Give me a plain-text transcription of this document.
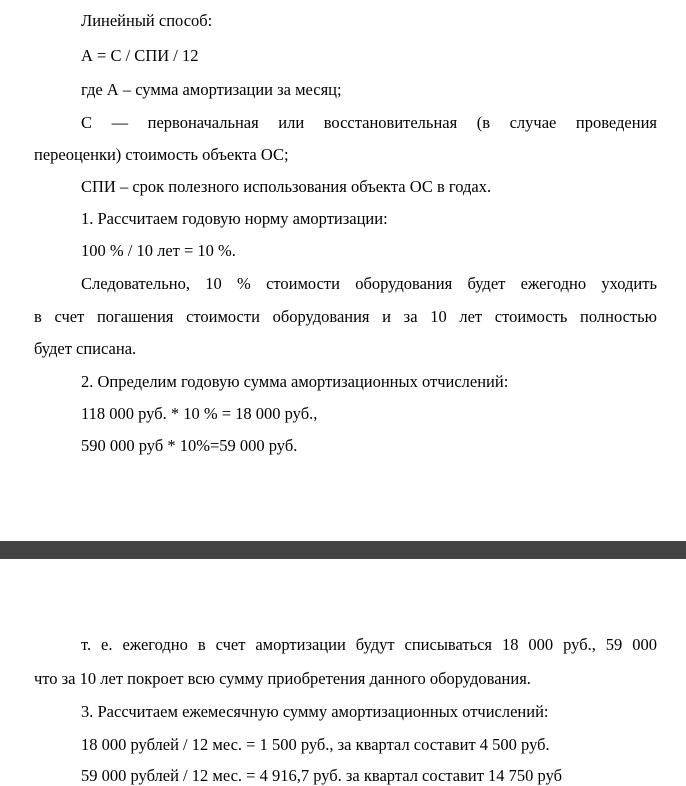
Линейный способ:
А = С / СПИ / 12
где А – сумма амортизации за месяц;
С — первоначальная или восстановительная (в случае проведения
переоценки) стоимость объекта ОС;
СПИ – срок полезного использования объекта ОС в годах.
1. Рассчитаем годовую норму амортизации:
100 % / 10 лет = 10 %.
Следовательно, 10 % стоимости оборудования будет ежегодно уходить
в счет погашения стоимости оборудования и за 10 лет стоимость полностью
будет списана.
2. Определим годовую сумма амортизационных отчислений:
118 000 руб. * 10 % = 18 000 руб.,
590 000 руб * 10%=59 000 руб.
т. е. ежегодно в счет амортизации будут списываться 18 000 руб., 59 000
что за 10 лет покроет всю сумму приобретения данного оборудования.
3. Рассчитаем ежемесячную сумму амортизационных отчислений:
18 000 рублей / 12 мес. = 1 500 руб., за квартал составит 4 500 руб.
59 000 рублей / 12 мес. = 4 916,7 руб. за квартал составит 14 750 руб
